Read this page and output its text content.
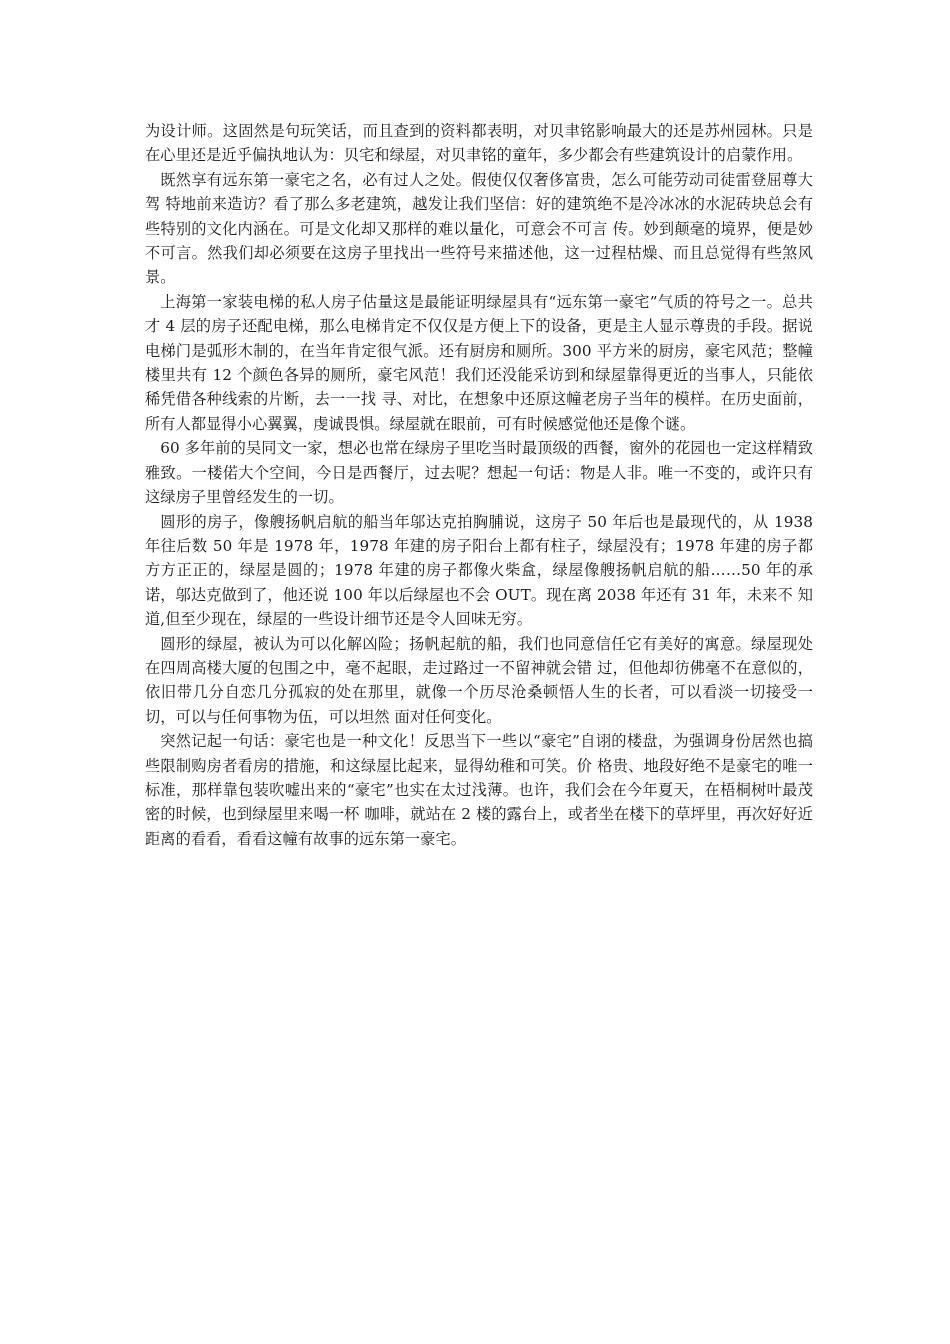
为设计师。这固然是句玩笑话，而且查到的资料都表明，对贝聿铭影响最大的还是苏州园林。只是在心里还是近乎偏执地认为：贝宅和绿屋，对贝聿铭的童年，多少都会有些建筑设计的启蒙作用。

既然享有远东第一豪宅之名，必有过人之处。假使仅仅奢侈富贵，怎么可能劳动司徒雷登屈尊大驾 特地前来造访？看了那么多老建筑，越发让我们坚信：好的建筑绝不是冷冰冰的水泥砖块总会有些特别的文化内涵在。可是文化却又那样的难以量化，可意会不可言 传。妙到颠毫的境界，便是妙不可言。然我们却必须要在这房子里找出一些符号来描述他，这一过程枯燥、而且总觉得有些煞风景。

上海第一家装电梯的私人房子估量这是最能证明绿屋具有“远东第一豪宅”气质的符号之一。总共才 4 层的房子还配电梯，那么电梯肯定不仅仅是方便上下的设备，更是主人显示尊贵的手段。据说电梯门是弧形木制的，在当年肯定很气派。还有厨房和厕所。300 平方米的厨房，豪宅风范；整幢楼里共有 12 个颜色各异的厕所，豪宅风范！我们还没能采访到和绿屋靠得更近的当事人，只能依稀凭借各种线索的片断，去一一找 寻、对比，在想象中还原这幢老房子当年的模样。在历史面前，所有人都显得小心翼翼，虔诚畏惧。绿屋就在眼前，可有时候感觉他还是像个谜。

60 多年前的吴同文一家，想必也常在绿房子里吃当时最顶级的西餐，窗外的花园也一定这样精致雅致。一楼偌大个空间，今日是西餐厅，过去呢？想起一句话：物是人非。唯一不变的，或许只有这绿房子里曾经发生的一切。

圆形的房子，像艘扬帆启航的船当年邬达克拍胸脯说，这房子 50 年后也是最现代的，从 1938 年往后数 50 年是 1978 年，1978 年建的房子阳台上都有柱子，绿屋没有；1978 年建的房子都方方正正的，绿屋是圆的；1978 年建的房子都像火柴盒，绿屋像艘扬帆启航的船……50 年的承诺，邬达克做到了，他还说 100 年以后绿屋也不会 OUT。现在离 2038 年还有 31 年，未来不 知道,但至少现在，绿屋的一些设计细节还是令人回味无穷。

圆形的绿屋，被认为可以化解凶险；扬帆起航的船，我们也同意信任它有美好的寓意。绿屋现处在四周高楼大厦的包围之中，毫不起眼，走过路过一不留神就会错 过，但他却彷佛毫不在意似的，依旧带几分自恋几分孤寂的处在那里，就像一个历尽沧桑顿悟人生的长者，可以看淡一切接受一切，可以与任何事物为伍，可以坦然 面对任何变化。

突然记起一句话：豪宅也是一种文化！反思当下一些以“豪宅”自诩的楼盘，为强调身份居然也搞些限制购房者看房的措施，和这绿屋比起来，显得幼稚和可笑。价 格贵、地段好绝不是豪宅的唯一标准，那样靠包装吹嘘出来的“豪宅”也实在太过浅薄。也许，我们会在今年夏天，在梧桐树叶最茂密的时候，也到绿屋里来喝一杯 咖啡，就站在 2 楼的露台上，或者坐在楼下的草坪里，再次好好近距离的看看，看看这幢有故事的远东第一豪宅。
